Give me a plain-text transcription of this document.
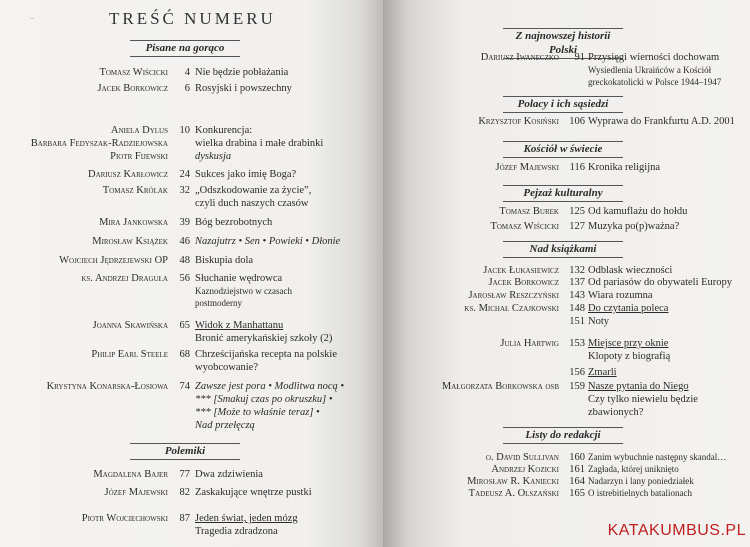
−	TREŚĆ NUMERU
Pisane na gorąco
Tomasz Wiścicki	4 Nie będzie pobłażania
Jacek Borkowicz	6 Rosyjski i powszechny
Aniela Dylus
Barbara Fedyszak-Radziejowska
Piotr Fijewski
10 Konkurencja:
wielka drabina i małe drabinki
dyskusja
Dariusz Karłowicz	24 Sukces jako imię Boga?
Tomasz Królak	32 „Odszkodowanie za życie”,
czyli duch naszych czasów
Mira Jankowska	39 Bóg bezrobotnych
Mirosław Książek	46 Nazajutrz • Sen • Powieki • Dłonie
Wojciech Jędrzejewski OP	48 Biskupia dola
ks. Andrzej Draguła	56 Słuchanie wędrowca
Kaznodziejstwo w czasach
postmoderny
Joanna Skawińska	65 Widok z Manhattanu
Bronić amerykańskiej szkoły (2)
Philip Earl Steele	68 Chrześcijańska recepta na polskie
wyobcowanie?
Krystyna Konarska-Łosiowa	74 Zawsze jest pora • Modlitwa nocą •
*** [Smakuj czas po okruszku] •
*** [Może to właśnie teraz] •
Nad przełęczą
Polemiki
Magdalena Bajer	77 Dwa zdziwienia
Józef Majewski	82 Zaskakujące wnętrze pustki
Piotr Wojciechowski	87 Jeden świat, jeden mózg
Tragedia zdradzona
Z najnowszej historii Polski
Dariusz Iwaneczko	91 Przysięgi wierności dochowam
Wysiedlenia Ukraińców a Kościół
greckokatolicki w Polsce 1944–1947
Polacy i ich sąsiedzi
Krzysztof Kosiński 106 Wyprawa do Frankfurtu A.D. 2001
Kościół w świecie
Józef Majewski	116 Kronika religijna
Pejzaż kulturalny
Tomasz Burek 125 Od kamuflażu do hołdu
Tomasz Wiścicki 127 Muzyka po(p)ważna?
Nad książkami
Jacek Łukasiewicz 132 Odblask wieczności
Jacek Borkowicz 137 Od pariasów do obywateli Europy
Jarosław Reszczyński 143 Wiara rozumna
ks. Michał Czajkowski 148 Do czytania poleca
151 Noty
Julia Hartwig 153 Miejsce przy oknie
Klopoty z biografią
156 Zmarli
Małgorzata Borkowska osb 159 Nasze pytania do Niego
Czy tylko niewielu będzie
zbawionych?
Listy do redakcji
o. David Sullivan 160 Zanim wybuchnie następny skandal…
Andrzej Kozicki 161 Zagłada, której uniknięto
Mirosław R. Kaniecki 164 Nadarzyn i lany poniedziałek
Tadeusz A. Olszański 165 O istrebitielnych batalionach
KATAKUMBUS.PL
